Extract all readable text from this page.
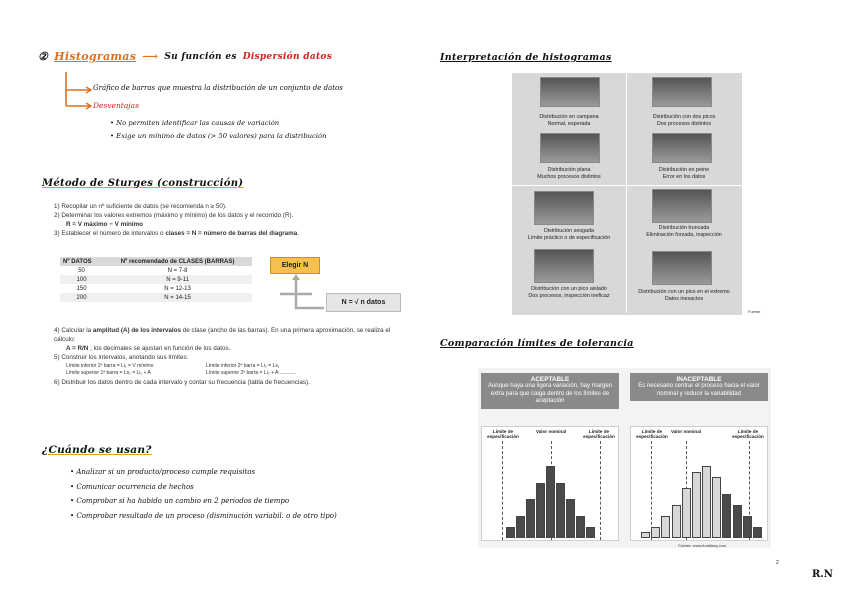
② Histogramas ⟶ Su función es Dispersión datos
Gráfico de barras que muestra la distribución de un conjunto de datos
Desventajas
• No permiten identificar las causas de variación
• Exige un mínimo de datos (> 50 valores) para la distribución
Método de Sturges (construcción)
1) Recopilar un nº suficiente de datos (se recomienda n ≥ 50).
2) Determinar los valores extremos (máximo y mínimo) de los datos y el recorrido (R).
R = V máximo − V mínimo
3) Establecer el número de intervalos o clases = N = número de barras del diagrama.
Nº DATOS	Nº recomendado de CLASES (BARRAS)
50	N = 7-8
100	N = 9-11
150	N = 12-13
200	N = 14-15
Elegir N
N = √ n datos
4) Calcular la amplitud (A) de los intervalos de clase (ancho de las barras). En una primera aproximación, se realiza el cálculo:
A = R/N ; los decimales se ajustan en función de los datos.
5) Construir los intervalos, anotando sus límites:
Límite inferior 1ª barra = Li₁ = V mínimo	Límite inferior 2ª barra = Li₂ = Ls₁
Límite superior 1ª barra = Ls₁ = Li₁ + A	Límite superior 2ª barra = Li₂ + A ............
6) Distribuir los datos dentro de cada intervalo y contar su frecuencia (tabla de frecuencias).
¿Cuándo se usan?
• Analizar si un producto/proceso cumple requisitos
• Comunicar ocurrencia de hechos
• Comprobar si ha habido un cambio en 2 periodos de tiempo
• Comprobar resultado de un proceso (disminución variabil. o de otro tipo)
Interpretación de histogramas
Distribución en campana
Normal, esperada
Distribución con dos picos
Dos procesos distintos
Distribución plana
Muchos procesos distintos
Distribución en peine
Error en los datos
Distribución sesgada
Límite práctico o de especificación
Distribución truncada
Eliminación forzada, inspección
Distribución con un pico aislado
Dos procesos, inspección ineficaz
Distribución con un pico en el extremo
Datos inexactos
Fuente
Comparación límites de tolerancia
ACEPTABLE
Aunque haya una ligera variación, hay margen extra para que caiga dentro de los límites de aceptación
INACEPTABLE
Es necesario centrar el proceso hacia el valor nominal y reducir la variabilidad
Límite de especificación
Valor nominal	Límite de especificación
Límite de especificación
Valor nominal	Límite de especificación
Fuente: www.fundibeq.com
2
R.N
